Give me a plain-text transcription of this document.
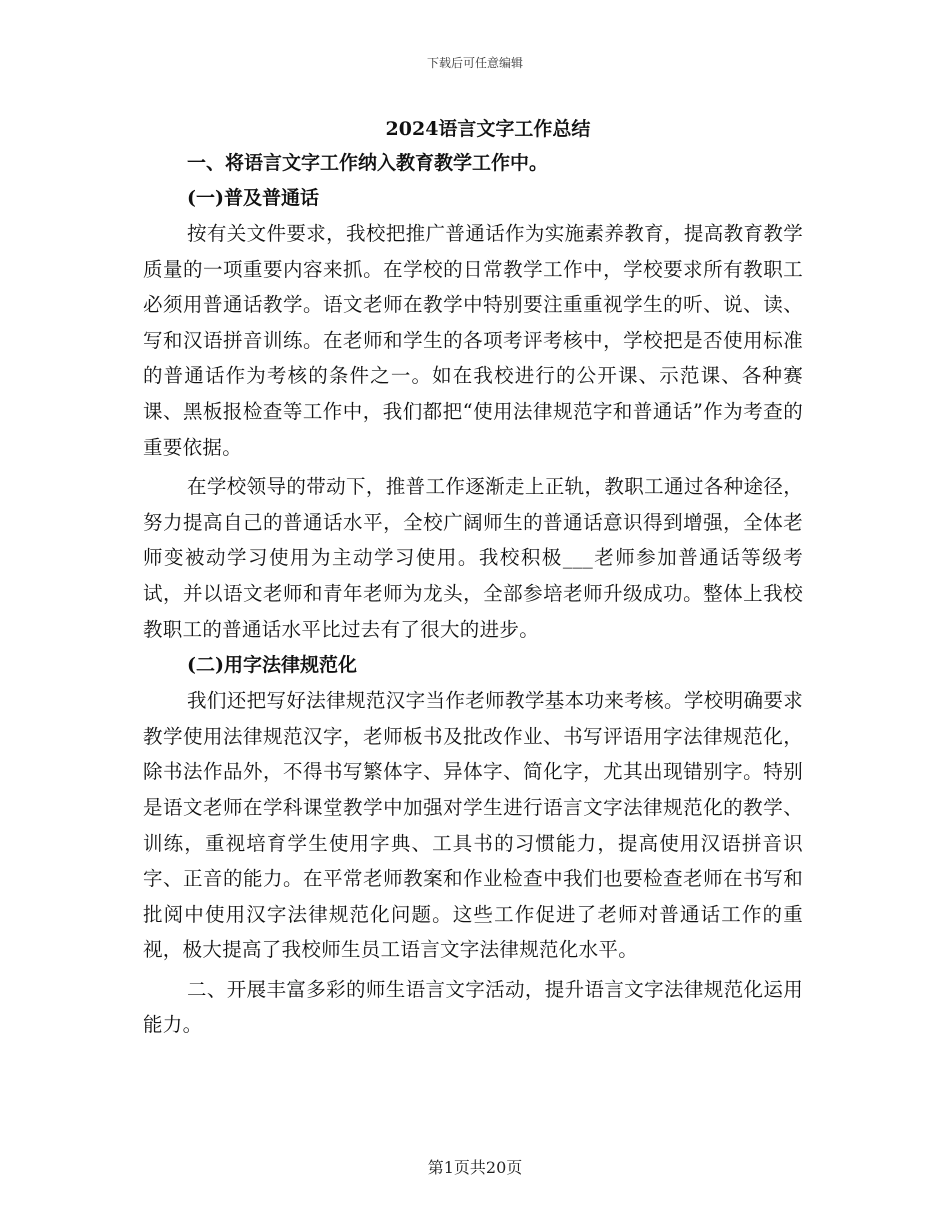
下载后可任意编辑
2024语言文字工作总结
一、将语言文字工作纳入教育教学工作中。
(一)普及普通话

按有关文件要求，我校把推广普通话作为实施素养教育，提高教育教学质量的一项重要内容来抓。在学校的日常教学工作中，学校要求所有教职工必须用普通话教学。语文老师在教学中特别要注重重视学生的听、说、读、写和汉语拼音训练。在老师和学生的各项考评考核中，学校把是否使用标准的普通话作为考核的条件之一。如在我校进行的公开课、示范课、各种赛课、黑板报检查等工作中，我们都把“使用法律规范字和普通话”作为考查的重要依据。

在学校领导的带动下，推普工作逐渐走上正轨，教职工通过各种途径，努力提高自己的普通话水平，全校广阔师生的普通话意识得到增强，全体老师变被动学习使用为主动学习使用。我校积极___老师参加普通话等级考试，并以语文老师和青年老师为龙头，全部参培老师升级成功。整体上我校教职工的普通话水平比过去有了很大的进步。

(二)用字法律规范化

我们还把写好法律规范汉字当作老师教学基本功来考核。学校明确要求教学使用法律规范汉字，老师板书及批改作业、书写评语用字法律规范化，除书法作品外，不得书写繁体字、异体字、简化字，尤其出现错别字。特别是语文老师在学科课堂教学中加强对学生进行语言文字法律规范化的教学、训练，重视培育学生使用字典、工具书的习惯能力，提高使用汉语拼音识字、正音的能力。在平常老师教案和作业检查中我们也要检查老师在书写和批阅中使用汉字法律规范化问题。这些工作促进了老师对普通话工作的重视，极大提高了我校师生员工语言文字法律规范化水平。

二、开展丰富多彩的师生语言文字活动，提升语言文字法律规范化运用能力。

第1页共20页
